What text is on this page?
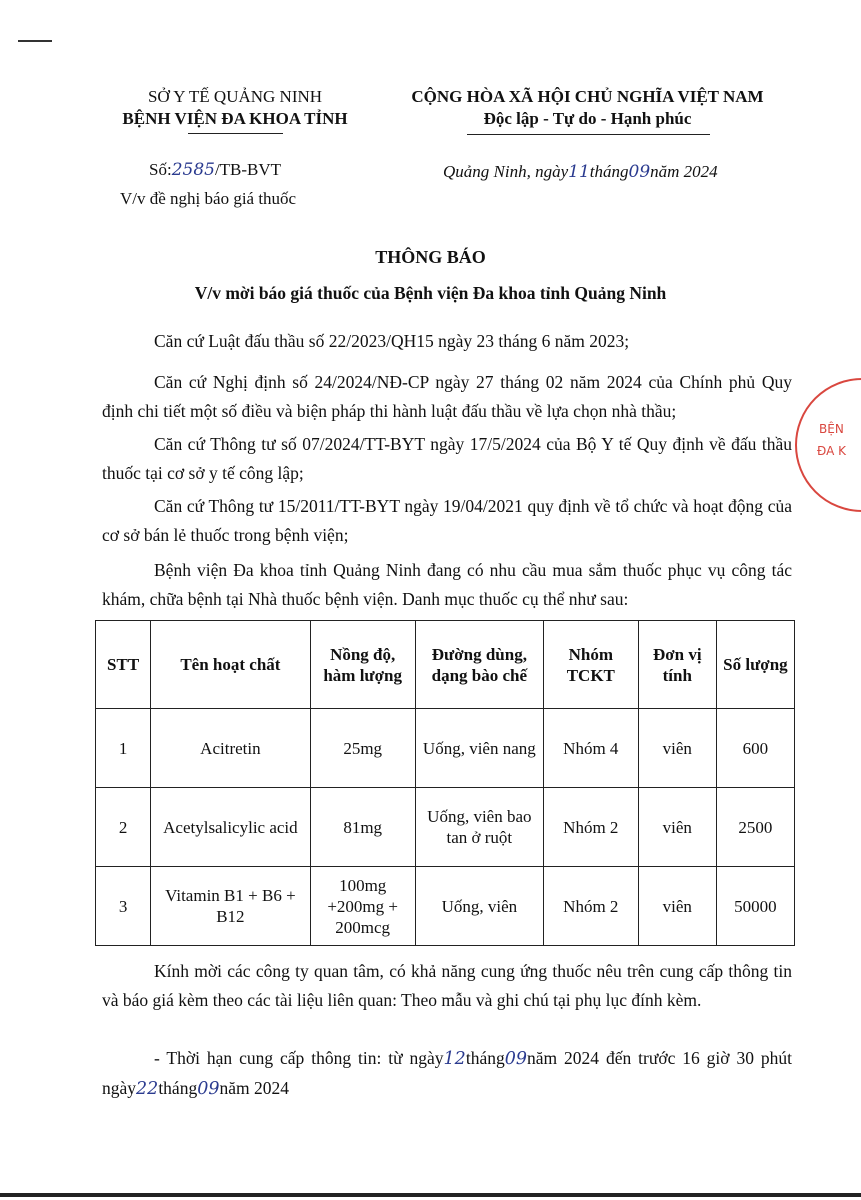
SỞ Y TẾ QUẢNG NINH
BỆNH VIỆN ĐA KHOA TỈNH
CỘNG HÒA XÃ HỘI CHỦ NGHĨA VIỆT NAM
Độc lập - Tự do - Hạnh phúc
Số:2585/TB-BVT
V/v đề nghị báo giá thuốc
Quảng Ninh, ngày11tháng09năm 2024
THÔNG BÁO
V/v mời báo giá thuốc của Bệnh viện Đa khoa tỉnh Quảng Ninh
Căn cứ Luật đấu thầu số 22/2023/QH15 ngày 23 tháng 6 năm 2023;
Căn cứ Nghị định số 24/2024/NĐ-CP ngày 27 tháng 02 năm 2024 của Chính phủ Quy định chi tiết một số điều và biện pháp thi hành luật đấu thầu về lựa chọn nhà thầu;
Căn cứ Thông tư số 07/2024/TT-BYT ngày 17/5/2024 của Bộ Y tế Quy định về đấu thầu thuốc tại cơ sở y tế công lập;
Căn cứ Thông tư 15/2011/TT-BYT ngày 19/04/2021 quy định về tổ chức và hoạt động của cơ sở bán lẻ thuốc trong bệnh viện;
Bệnh viện Đa khoa tỉnh Quảng Ninh đang có nhu cầu mua sắm thuốc phục vụ công tác khám, chữa bệnh tại Nhà thuốc bệnh viện. Danh mục thuốc cụ thể như sau:
STT	Tên hoạt chất	Nồng độ, hàm lượng	Đường dùng, dạng bào chế	Nhóm TCKT	Đơn vị tính	Số lượng
1	Acitretin	25mg	Uống, viên nang	Nhóm 4	viên	600
2	Acetylsalicylic acid	81mg	Uống, viên bao tan ở ruột	Nhóm 2	viên	2500
3	Vitamin B1 + B6 + B12	100mg +200mg + 200mcg	Uống, viên	Nhóm 2	viên	50000
Kính mời các công ty quan tâm, có khả năng cung ứng thuốc nêu trên cung cấp thông tin và báo giá kèm theo các tài liệu liên quan: Theo mẫu và ghi chú tại phụ lục đính kèm.
- Thời hạn cung cấp thông tin: từ ngày12tháng09năm 2024 đến trước 16 giờ 30 phút ngày22tháng09năm 2024
BỆN
ĐA K
